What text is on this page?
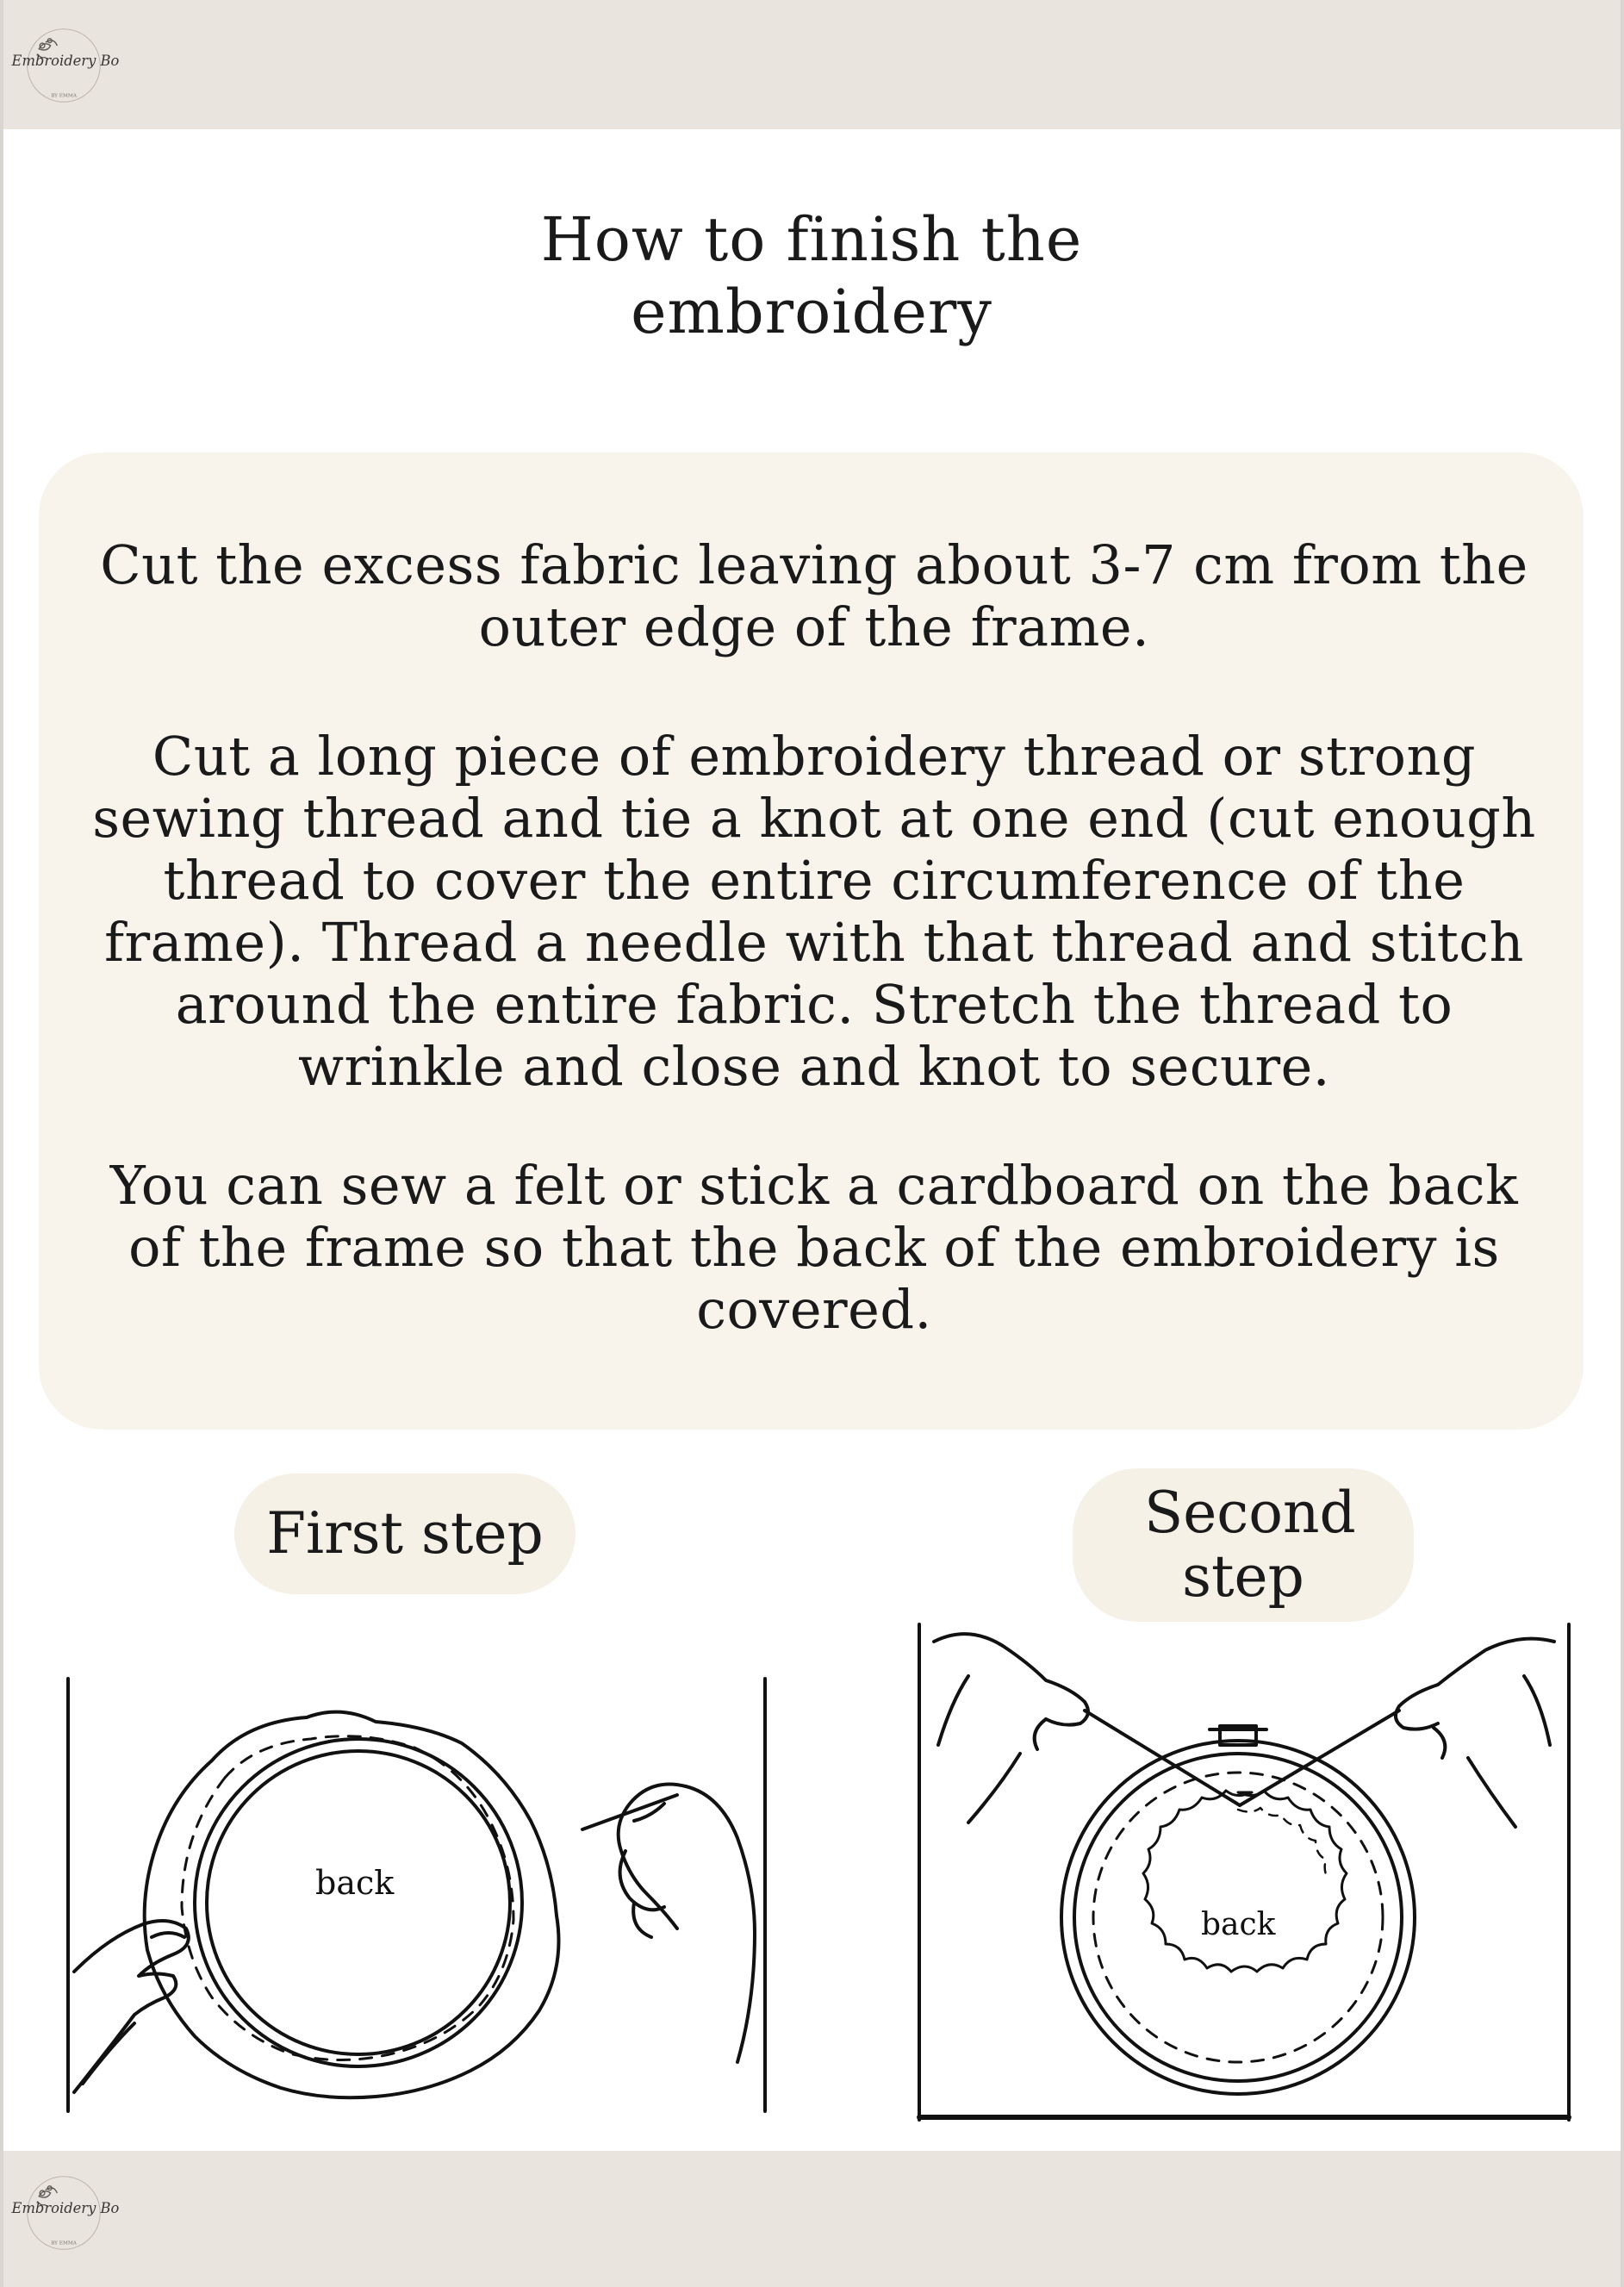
Embroidery Bo
BY EMMA
Embroidery Bo
BY EMMA
How to finish the embroidery

Cut the excess fabric leaving about 3-7 cm from the outer edge of the frame.

Cut a long piece of embroidery thread or strong sewing thread and tie a knot at one end (cut enough thread to cover the entire circumference of the frame). Thread a needle with that thread and stitch around the entire fabric. Stretch the thread to wrinkle and close and knot to secure.

You can sew a felt or stick a cardboard on the back of the frame so that the back of the embroidery is covered.

First step	Second step
back
back
